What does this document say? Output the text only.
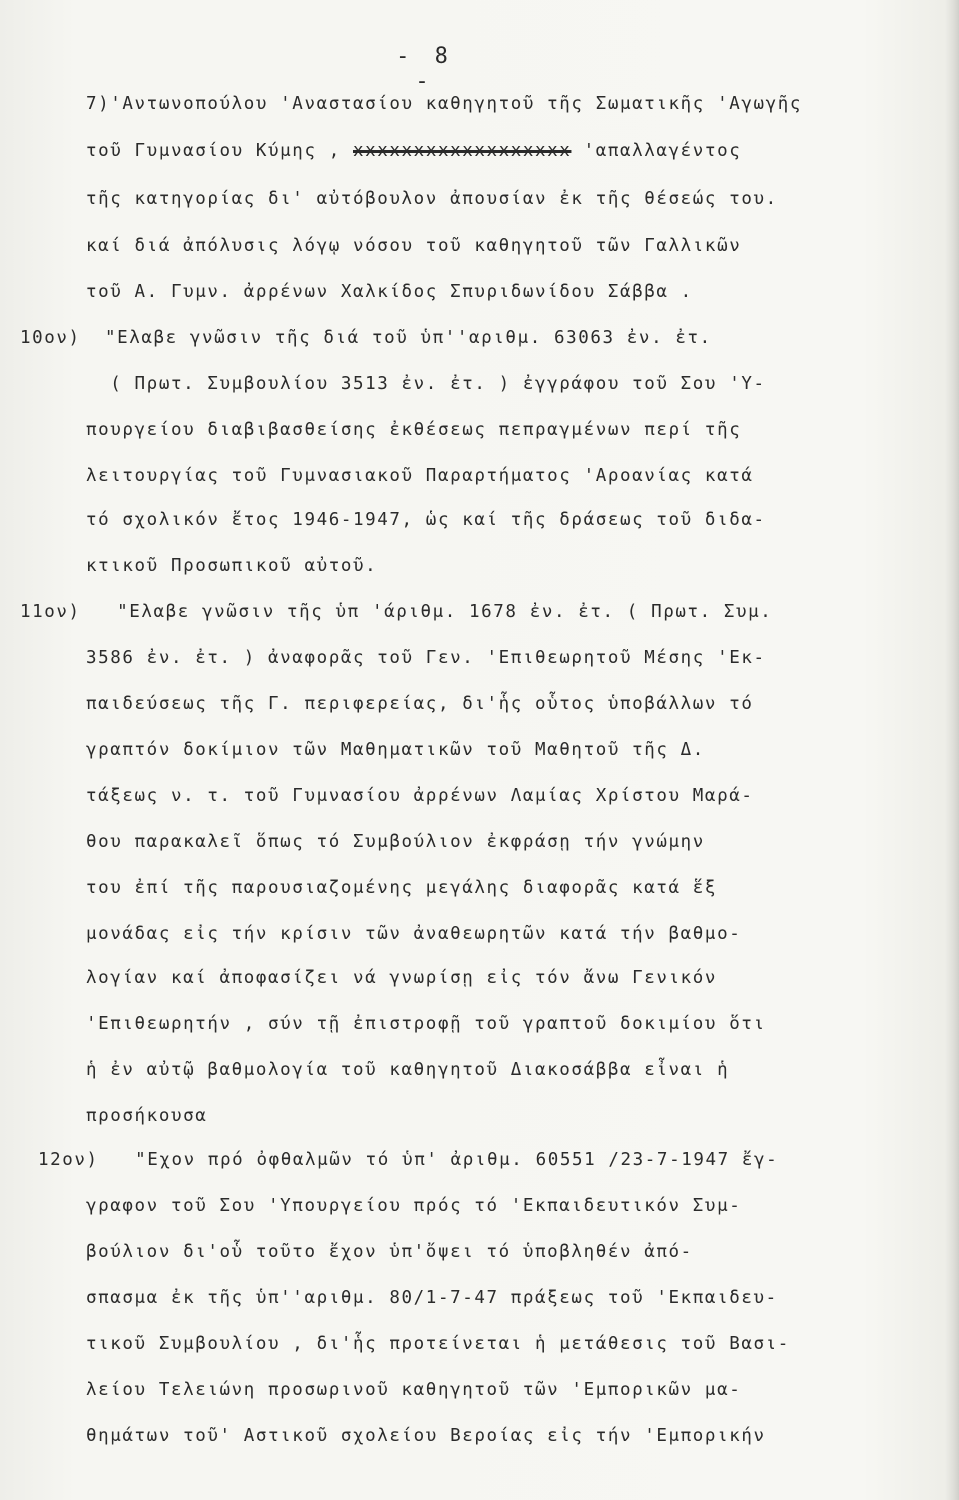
- 8 -
7)'Αντωνοπούλου 'Αναστασίου καθηγητοῦ τῆς Σωματικῆς 'Αγωγῆς
τοῦ Γυμνασίου Κύμης , xxxxxxxxxxxxxxxxxx 'απαλλαγέντος
τῆς κατηγορίας δι' αὐτόβουλον ἀπουσίαν ἐκ τῆς θέσεώς του.
καί διά ἀπόλυσις λόγῳ νόσου τοῦ καθηγητοῦ τῶν Γαλλικῶν
τοῦ Α. Γυμν. ἀρρένων Χαλκίδος Σπυριδωνίδου Σάββα .
10ον)  "Ελαβε γνῶσιν τῆς διά τοῦ ὑπ''αριθμ. 63063 ἐν. ἐτ.
( Πρωτ. Συμβουλίου 3513 ἐν. ἐτ. ) ἐγγράφου τοῦ Σου 'Υ-
πουργείου διαβιβασθείσης ἐκθέσεως πεπραγμένων περί τῆς
λειτουργίας τοῦ Γυμνασιακοῦ Παραρτήματος 'Αροανίας κατά
τό σχολικόν ἔτος 1946-1947, ὡς καί τῆς δράσεως τοῦ διδα-
κτικοῦ Προσωπικοῦ αὐτοῦ.
11ον)   "Ελαβε γνῶσιν τῆς ὑπ 'άριθμ. 1678 ἐν. ἐτ. ( Πρωτ. Συμ.
3586 ἐν. ἐτ. ) ἀναφορᾶς τοῦ Γεν. 'Επιθεωρητοῦ Μέσης 'Εκ-
παιδεύσεως τῆς Γ. περιφερείας, δι'ἧς οὗτος ὑποβάλλων τό
γραπτόν δοκίμιον τῶν Μαθηματικῶν τοῦ Μαθητοῦ τῆς Δ.
τάξεως ν. τ. τοῦ Γυμνασίου ἀρρένων Λαμίας Χρίστου Μαρά-
θου παρακαλεῖ ὅπως τό Συμβούλιον ἐκφράσῃ τήν γνώμην
του ἐπί τῆς παρουσιαζομένης μεγάλης διαφορᾶς κατά ἕξ
μονάδας εἰς τήν κρίσιν τῶν ἀναθεωρητῶν κατά τήν βαθμο-
λογίαν καί ἀποφασίζει νά γνωρίσῃ εἰς τόν ἄνω Γενικόν
'Επιθεωρητήν , σύν τῇ ἐπιστροφῇ τοῦ γραπτοῦ δοκιμίου ὅτι
ἡ ἐν αὐτῷ βαθμολογία τοῦ καθηγητοῦ Διακοσάββα εἶναι ἡ
προσήκουσα
12ον)   "Εχον πρό ὀφθαλμῶν τό ὑπ' ἀριθμ. 60551 /23-7-1947 ἔγ-
γραφον τοῦ Σου 'Υπουργείου πρός τό 'Εκπαιδευτικόν Συμ-
βούλιον δι'οὗ τοῦτο ἔχον ὑπ'ὄψει τό ὑποβληθέν ἀπό-
σπασμα ἐκ τῆς ὑπ''αριθμ. 80/1-7-47 πράξεως τοῦ 'Εκπαιδευ-
τικοῦ Συμβουλίου , δι'ἧς προτείνεται ἡ μετάθεσις τοῦ Βασι-
λείου Τελειώνη προσωρινοῦ καθηγητοῦ τῶν 'Εμπορικῶν μα-
θημάτων τοῦ' Αστικοῦ σχολείου Βεροίας εἰς τήν 'Εμπορικήν
